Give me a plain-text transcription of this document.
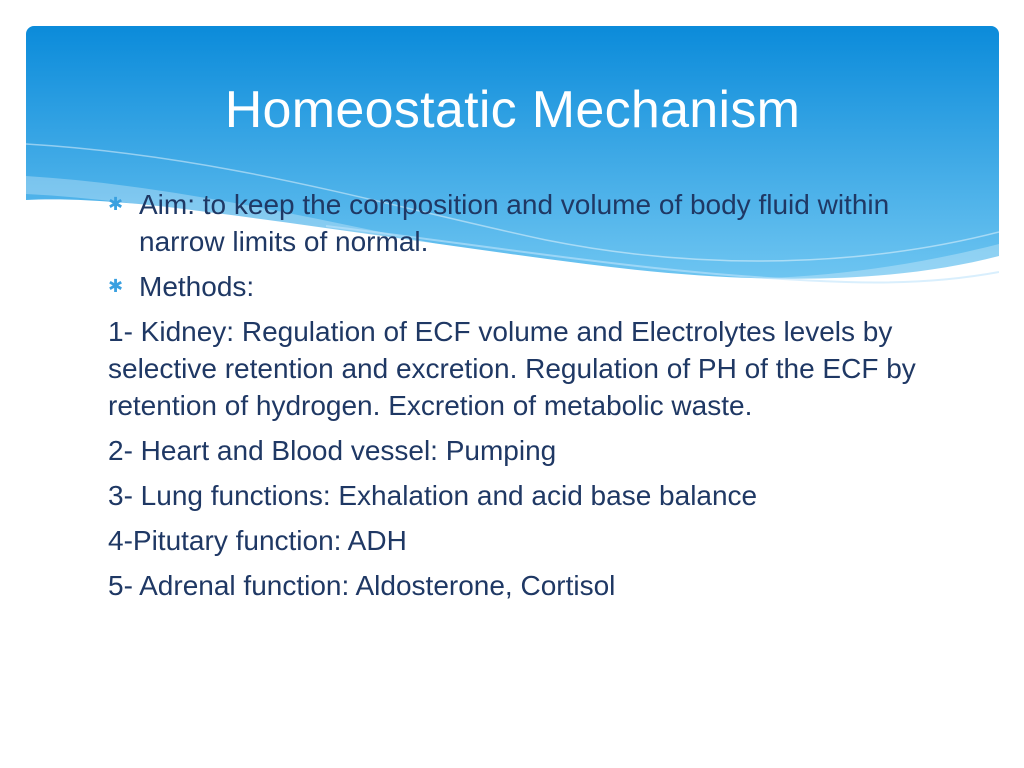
Homeostatic Mechanism
✱ Aim: to keep the composition and volume of body fluid within narrow limits of normal.
✱ Methods:
1- Kidney: Regulation of ECF volume and Electrolytes levels by selective retention and excretion. Regulation of PH of the ECF by retention of hydrogen. Excretion of metabolic waste.
2- Heart and Blood vessel: Pumping
3- Lung functions: Exhalation and acid base balance
4-Pitutary function: ADH
5- Adrenal function: Aldosterone, Cortisol
